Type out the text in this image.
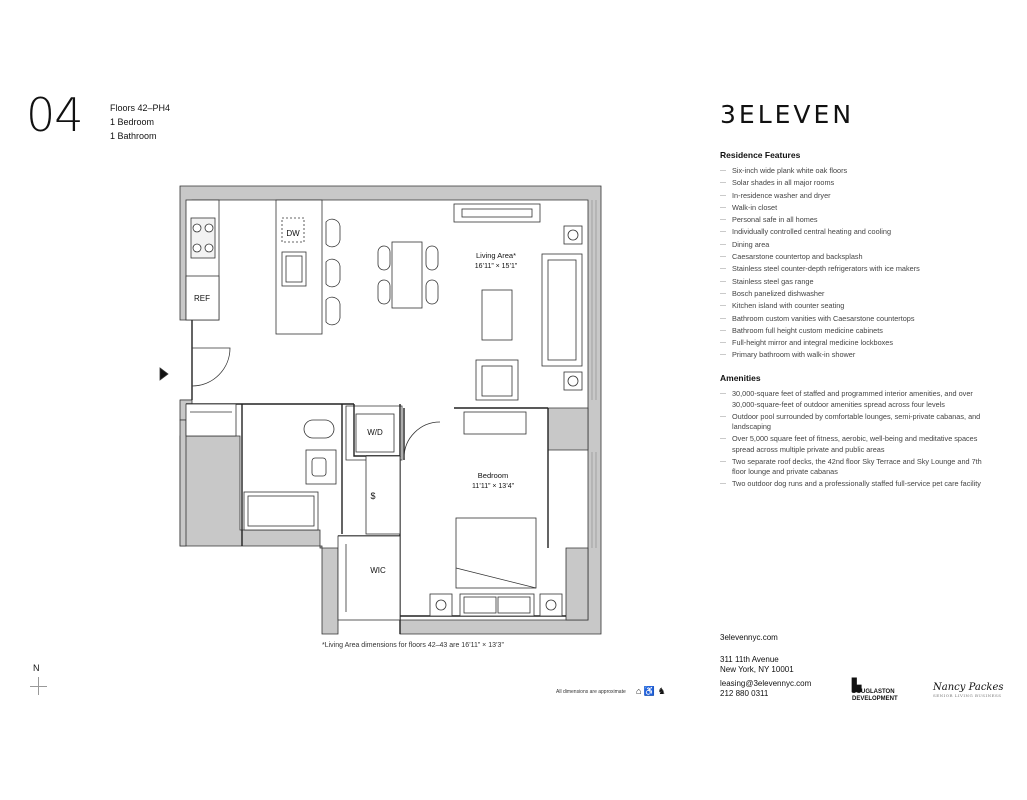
04	Floors 42–PH4
1 Bedroom
1 Bathroom
DW
REF
Living Area*
16’11” × 15’1”
W/D
$
Bedroom
11’11” × 13’4”
WIC
*Living Area dimensions for floors 42–43 are 16’11” × 13’3”
All dimensions are approximate ⌂ ♿ ♞
N
3ELEVEN
Residence Features
— Six-inch wide plank white oak floors
— Solar shades in all major rooms
— In-residence washer and dryer
— Walk-in closet
— Personal safe in all homes
— Individually controlled central heating and cooling
— Dining area
— Caesarstone countertop and backsplash
— Stainless steel counter-depth refrigerators with ice makers
— Stainless steel gas range
— Bosch panelized dishwasher
— Kitchen island with counter seating
— Bathroom custom vanities with Caesarstone countertops
— Bathroom full height custom medicine cabinets
— Full-height mirror and integral medicine lockboxes
— Primary bathroom with walk-in shower
Amenities
— 30,000-square feet of staffed and programmed interior amenities, and over 30,000-square-feet of outdoor amenities spread across four levels
— Outdoor pool surrounded by comfortable lounges, semi-private cabanas, and landscaping
— Over 5,000 square feet of fitness, aerobic, well-being and meditative spaces spread across multiple private and public areas
— Two separate roof decks, the 42nd floor Sky Terrace and Sky Lounge and 7th floor lounge and private cabanas
— Two outdoor dog runs and a professionally staffed full-service pet care facility
3elevennyc.com
311 11th Avenue
New York, NY 10001
leasing@3elevennyc.com
212 880 0311
▙
DOUGLASTON
DEVELOPMENT
Nancy Packes
SENIOR LIVING BUSINESS
